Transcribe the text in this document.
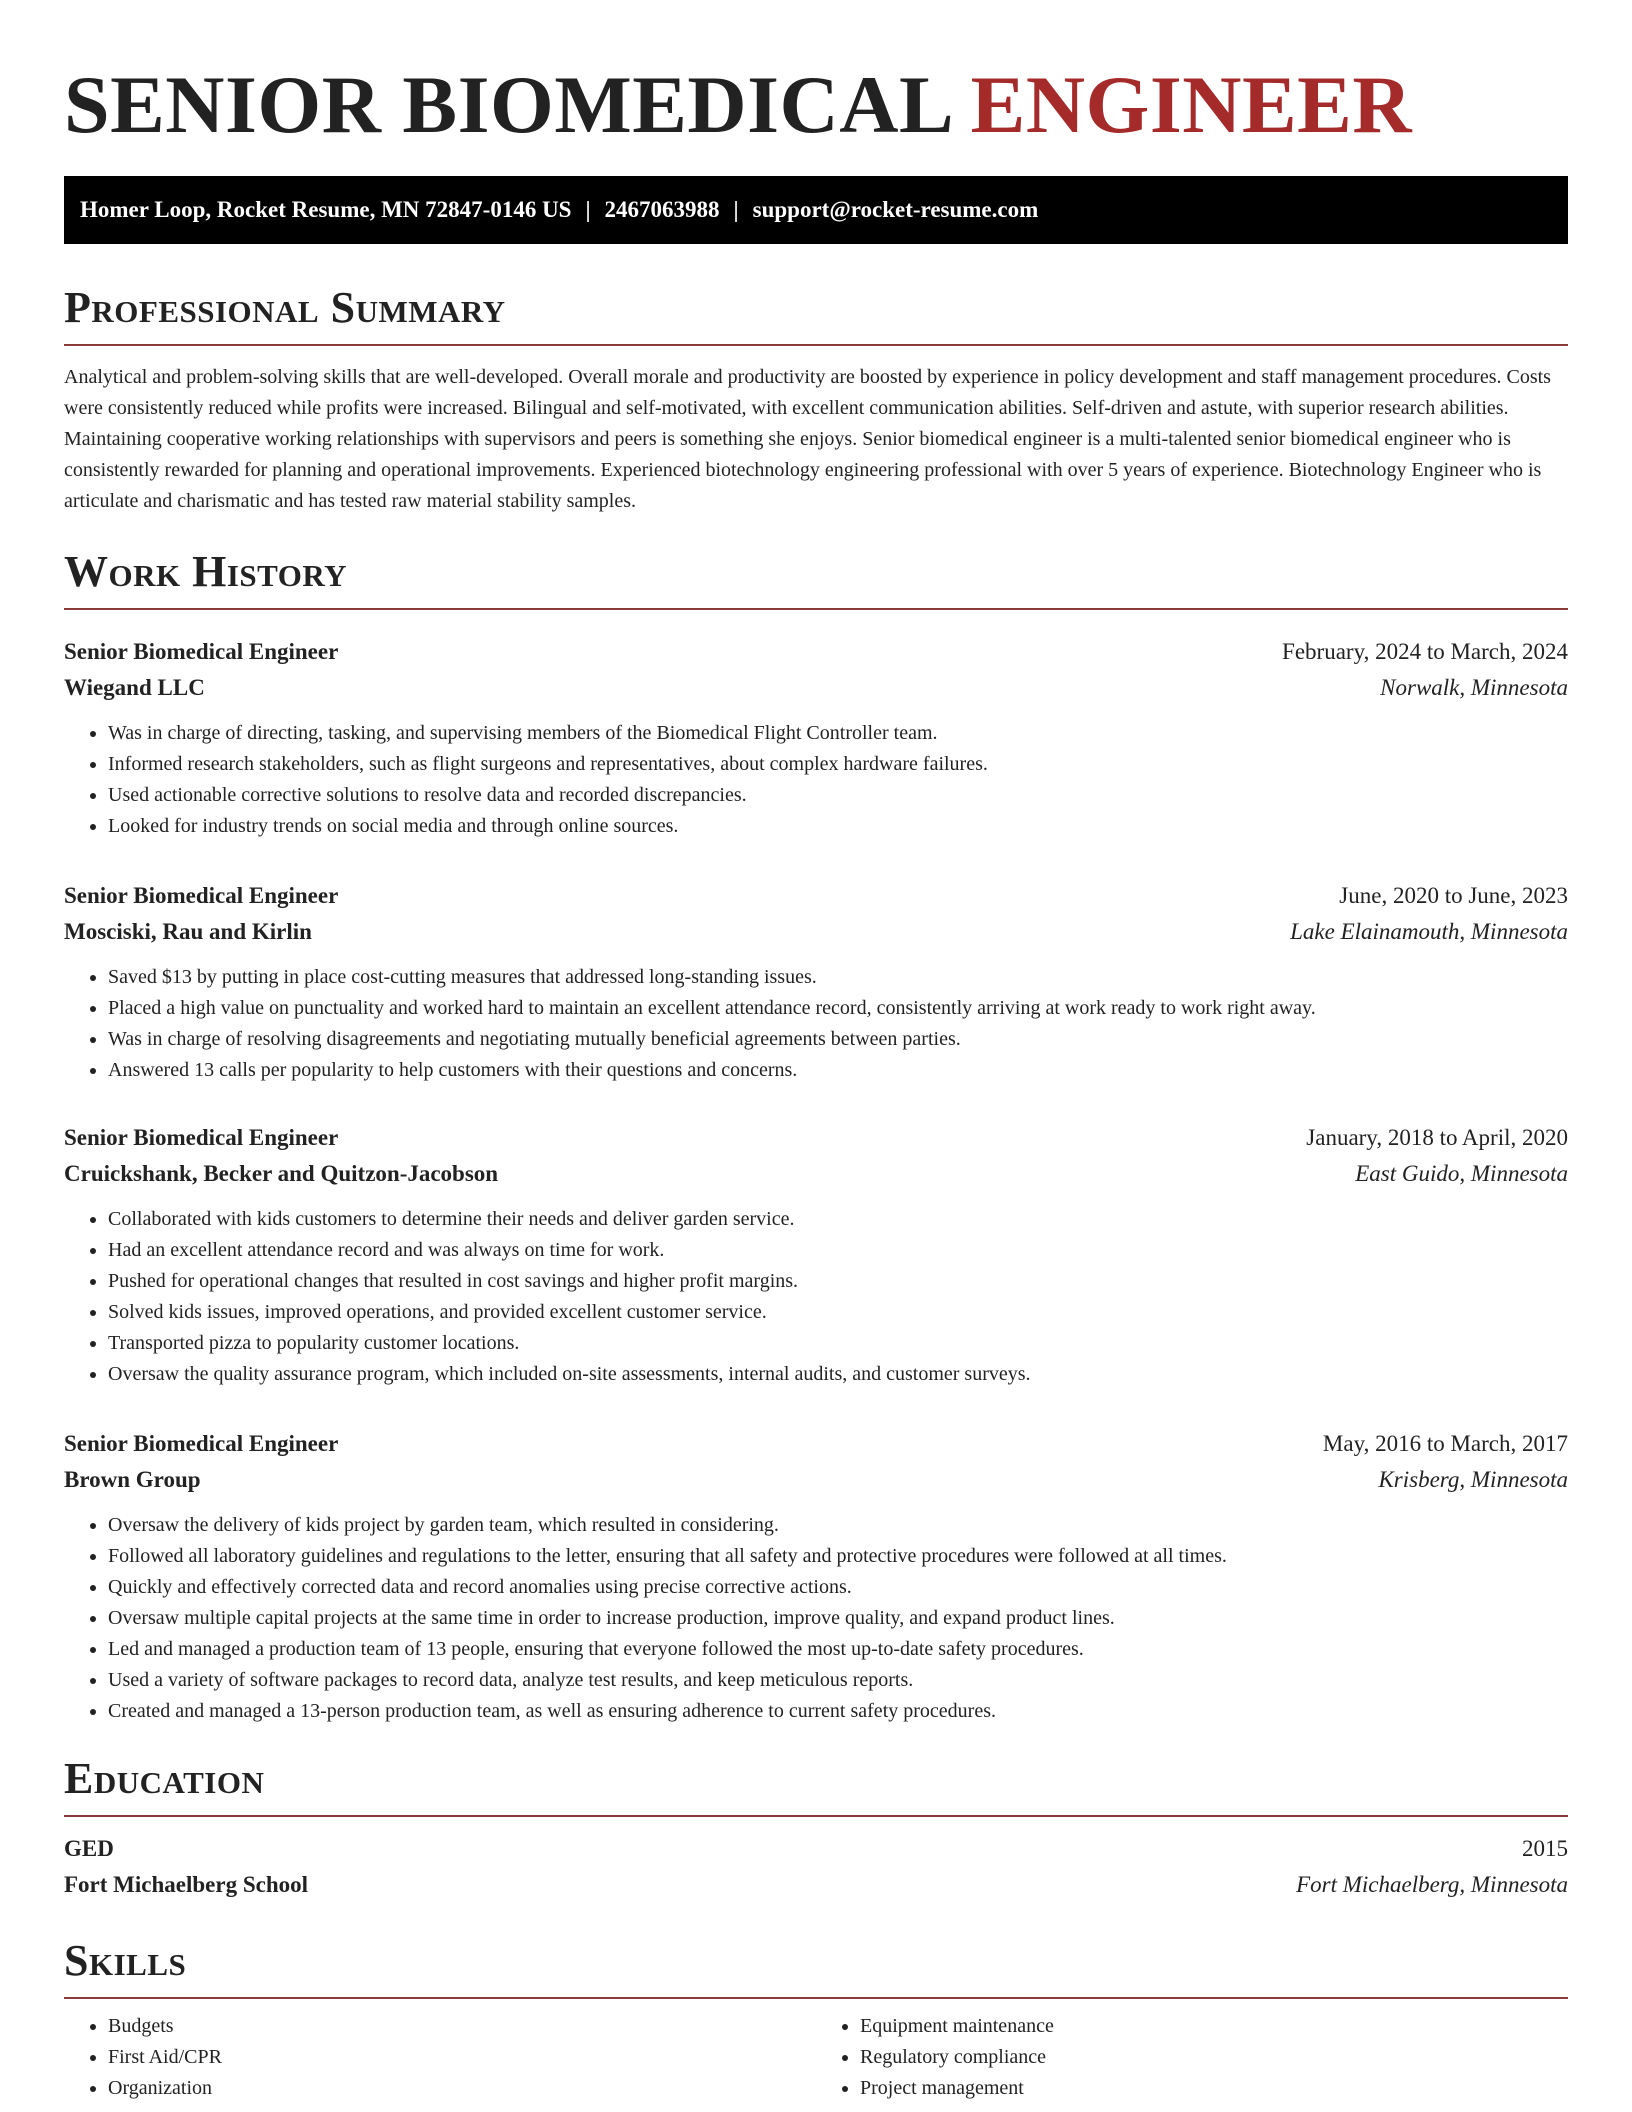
SENIOR BIOMEDICAL ENGINEER
Homer Loop, Rocket Resume, MN 72847-0146 US | 2467063988 | support@rocket-resume.com
Professional Summary

Analytical and problem-solving skills that are well-developed. Overall morale and productivity are boosted by experience in policy development and staff management procedures. Costs were consistently reduced while profits were increased. Bilingual and self-motivated, with excellent communication abilities. Self-driven and astute, with superior research abilities. Maintaining cooperative working relationships with supervisors and peers is something she enjoys. Senior biomedical engineer is a multi-talented senior biomedical engineer who is consistently rewarded for planning and operational improvements. Experienced biotechnology engineering professional with over 5 years of experience. Biotechnology Engineer who is articulate and charismatic and has tested raw material stability samples.

Work History
Senior Biomedical Engineer	February, 2024 to March, 2024
Wiegand LLC	Norwalk, Minnesota
• Was in charge of directing, tasking, and supervising members of the Biomedical Flight Controller team.
• Informed research stakeholders, such as flight surgeons and representatives, about complex hardware failures.
• Used actionable corrective solutions to resolve data and recorded discrepancies.
• Looked for industry trends on social media and through online sources.
Senior Biomedical Engineer	June, 2020 to June, 2023
Mosciski, Rau and Kirlin	Lake Elainamouth, Minnesota
• Saved $13 by putting in place cost-cutting measures that addressed long-standing issues.
• Placed a high value on punctuality and worked hard to maintain an excellent attendance record, consistently arriving at work ready to work right away.
• Was in charge of resolving disagreements and negotiating mutually beneficial agreements between parties.
• Answered 13 calls per popularity to help customers with their questions and concerns.
Senior Biomedical Engineer	January, 2018 to April, 2020
Cruickshank, Becker and Quitzon-Jacobson	East Guido, Minnesota
• Collaborated with kids customers to determine their needs and deliver garden service.
• Had an excellent attendance record and was always on time for work.
• Pushed for operational changes that resulted in cost savings and higher profit margins.
• Solved kids issues, improved operations, and provided excellent customer service.
• Transported pizza to popularity customer locations.
• Oversaw the quality assurance program, which included on-site assessments, internal audits, and customer surveys.
Senior Biomedical Engineer	May, 2016 to March, 2017
Brown Group	Krisberg, Minnesota
• Oversaw the delivery of kids project by garden team, which resulted in considering.
• Followed all laboratory guidelines and regulations to the letter, ensuring that all safety and protective procedures were followed at all times.
• Quickly and effectively corrected data and record anomalies using precise corrective actions.
• Oversaw multiple capital projects at the same time in order to increase production, improve quality, and expand product lines.
• Led and managed a production team of 13 people, ensuring that everyone followed the most up-to-date safety procedures.
• Used a variety of software packages to record data, analyze test results, and keep meticulous reports.
• Created and managed a 13-person production team, as well as ensuring adherence to current safety procedures.
Education
GED	2015
Fort Michaelberg School	Fort Michaelberg, Minnesota
Skills
• Budgets
• First Aid/CPR
• Organization
• Equipment maintenance
• Regulatory compliance
• Project management
